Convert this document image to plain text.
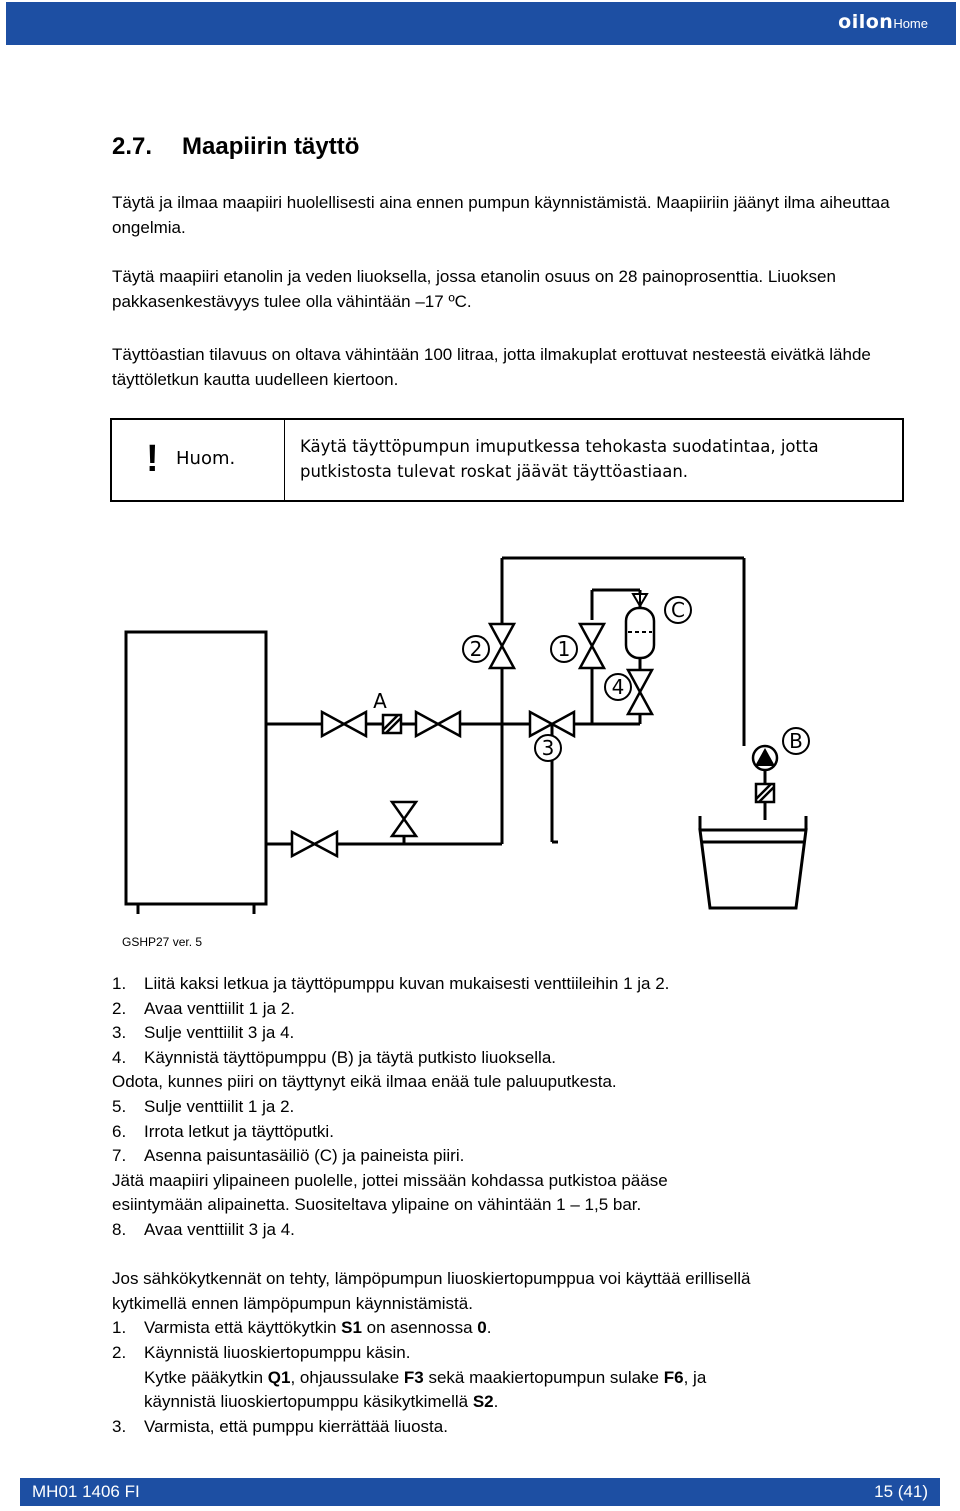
oilonHome
2.7. Maapiirin täyttö
Täytä ja ilmaa maapiiri huolellisesti aina ennen pumpun käynnistämistä. Maapiiriin jäänyt ilma aiheuttaa ongelmia.
Täytä maapiiri etanolin ja veden liuoksella, jossa etanolin osuus on 28 painoprosenttia. Liuoksen pakkasenkestävyys tulee olla vähintään –17 ºC.
Täyttöastian tilavuus on oltava vähintään 100 litraa, jotta ilmakuplat erottuvat nesteestä eivätkä lähde täyttöletkun kautta uudelleen kiertoon.
! Huom.
Käytä täyttöpumpun imuputkessa tehokasta suodatintaa, jotta putkistosta tulevat roskat jäävät täyttöastiaan.
2	1
3
4
C
B
A
GSHP27 ver. 5
1.	Liitä kaksi letkua ja täyttöpumppu kuvan mukaisesti venttiileihin 1 ja 2.
2.	Avaa venttiilit 1 ja 2.
3.	Sulje venttiilit 3 ja 4.
4.	Käynnistä täyttöpumppu (B) ja täytä putkisto liuoksella.
Odota, kunnes piiri on täyttynyt eikä ilmaa enää tule paluuputkesta.
5.	Sulje venttiilit 1 ja 2.
6.	Irrota letkut ja täyttöputki.
7.	Asenna paisuntasäiliö (C) ja paineista piiri.
Jätä maapiiri ylipaineen puolelle, jottei missään kohdassa putkistoa pääse
esiintymään alipainetta. Suositeltava ylipaine on vähintään 1 – 1,5 bar.
8.	Avaa venttiilit 3 ja 4.
Jos sähkökytkennät on tehty, lämpöpumpun liuoskiertopumppua voi käyttää erillisellä
kytkimellä ennen lämpöpumpun käynnistämistä.
1.	Varmista että käyttökytkin S1 on asennossa 0.
2.	Käynnistä liuoskiertopumppu käsin.
Kytke pääkytkin Q1, ohjaussulake F3 sekä maakiertopumpun sulake F6, ja
käynnistä liuoskiertopumppu käsikytkimellä S2.
3.	Varmista, että pumppu kierrättää liuosta.
MH01 1406 FI	15 (41)
